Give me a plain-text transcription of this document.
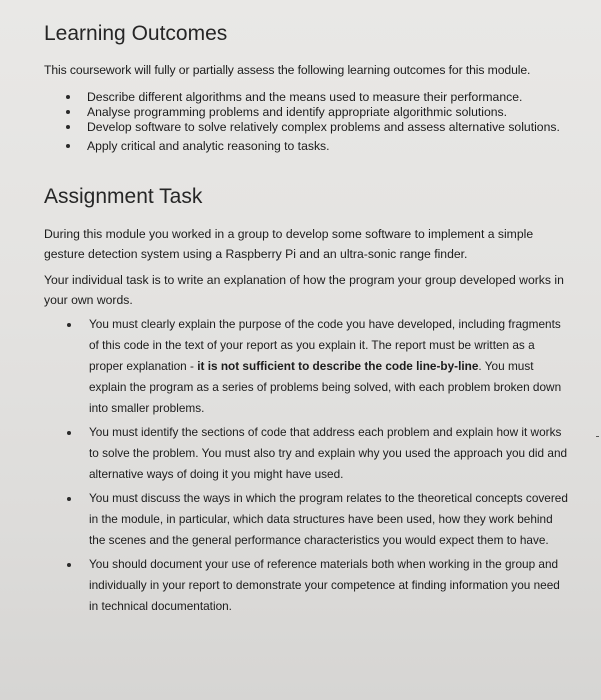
Learning Outcomes

This coursework will fully or partially assess the following learning outcomes for this module.

Describe different algorithms and the means used to measure their performance.
Analyse programming problems and identify appropriate algorithmic solutions.
Develop software to solve relatively complex problems and assess alternative solutions.
Apply critical and analytic reasoning to tasks.
Assignment Task

During this module you worked in a group to develop some software to implement a simple gesture detection system using a Raspberry Pi and an ultra-sonic range finder.

Your individual task is to write an explanation of how the program your group developed works in your own words.

You must clearly explain the purpose of the code you have developed, including fragments of this code in the text of your report as you explain it. The report must be written as a proper explanation - it is not sufficient to describe the code line-by-line. You must explain the program as a series of problems being solved, with each problem broken down into smaller problems.
You must identify the sections of code that address each problem and explain how it works to solve the problem. You must also try and explain why you used the approach you did and alternative ways of doing it you might have used.
You must discuss the ways in which the program relates to the theoretical concepts covered in the module, in particular, which data structures have been used, how they work behind the scenes and the general performance characteristics you would expect them to have.
You should document your use of reference materials both when working in the group and individually in your report to demonstrate your competence at finding information you need in technical documentation.
